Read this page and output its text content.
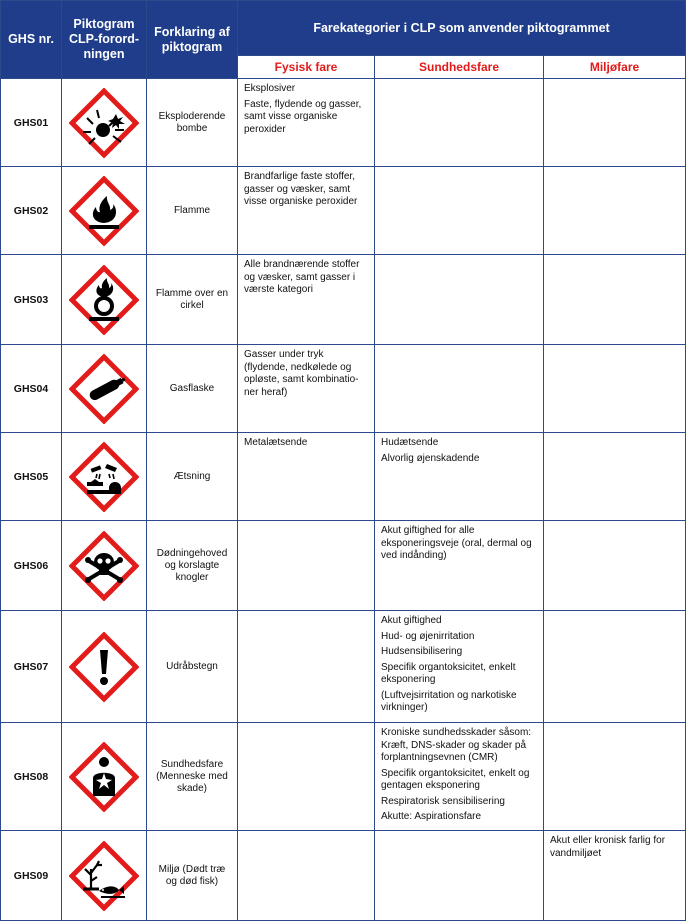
GHS nr.	Piktogram CLP-forord-ningen	Forklaring af piktogram	Farekategorier i CLP som anvender piktogrammet		
			Fysisk fare	Sundhedsfare	Miljøfare
GHS01		Eksploderende bombe	Eksplosiver
Faste, flydende og gasser, samt visse organiske peroxider		

GHS02		Flamme	Brandfarlige faste stoffer, gasser og væsker, samt visse organiske peroxider		

GHS03		Flamme over en cirkel	Alle brandnærende stoffer og væsker, samt gasser i værste kategori		

GHS04		Gasflaske	Gasser under tryk (flydende, nedkølede og opløste, samt kombinatio-ner heraf)		

GHS05		Ætsning	Metalætsende	Hudætsende
Alvorlig øjenskadende	

GHS06		Dødningehoved og korslagte knogler		Akut giftighed for alle eksponeringsveje (oral, dermal og ved indånding)	

GHS07		Udråbstegn		Akut giftighed
Hud- og øjenirritation
Hudsensibilisering
Specifik organtoksicitet, enkelt eksponering
(Luftvejsirritation og narkotiske virkninger)	

GHS08		Sundhedsfare (Menneske med skade)		Kroniske sundhedsskader såsom: Kræft, DNS-skader og skader på forplantningsevnen (CMR)
Specifik organtoksicitet, enkelt og gentagen eksponering
Respiratorisk sensibilisering
Akutte: Aspirationsfare	

GHS09		Miljø (Dødt træ og død fisk)			Akut eller kronisk farlig for vandmiljøet
